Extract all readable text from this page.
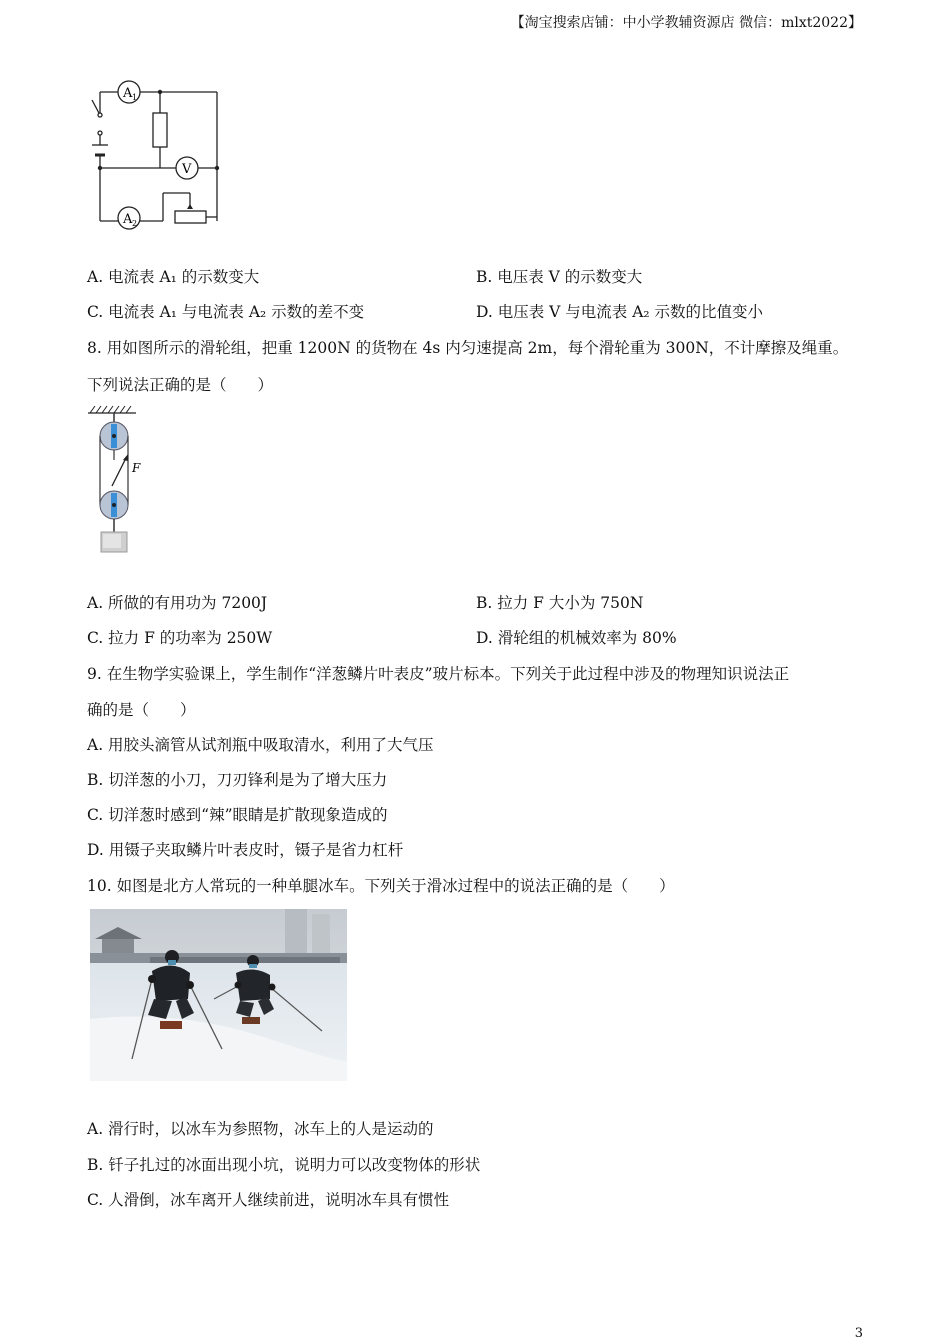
【淘宝搜索店铺：中小学教辅资源店 微信：mlxt2022】
A 1
V
A 2
A. 电流表 A₁ 的示数变大	B. 电压表 V 的示数变大
C. 电流表 A₁ 与电流表 A₂ 示数的差不变	D. 电压表 V 与电流表 A₂ 示数的比值变小
8. 用如图所示的滑轮组，把重 1200N 的货物在 4s 内匀速提高 2m，每个滑轮重为 300N，不计摩擦及绳重。
下列说法正确的是（　　）
F
A. 所做的有用功为 7200J	B. 拉力 F 大小为 750N
C. 拉力 F 的功率为 250W	D. 滑轮组的机械效率为 80%
9. 在生物学实验课上，学生制作“洋葱鳞片叶表皮”玻片标本。下列关于此过程中涉及的物理知识说法正
确的是（　　）
A. 用胶头滴管从试剂瓶中吸取清水，利用了大气压
B. 切洋葱的小刀，刀刃锋利是为了增大压力
C. 切洋葱时感到“辣”眼睛是扩散现象造成的
D. 用镊子夹取鳞片叶表皮时，镊子是省力杠杆
10. 如图是北方人常玩的一种单腿冰车。下列关于滑冰过程中的说法正确的是（　　）
A. 滑行时，以冰车为参照物，冰车上的人是运动的
B. 钎子扎过的冰面出现小坑，说明力可以改变物体的形状
C. 人滑倒，冰车离开人继续前进，说明冰车具有惯性
3
